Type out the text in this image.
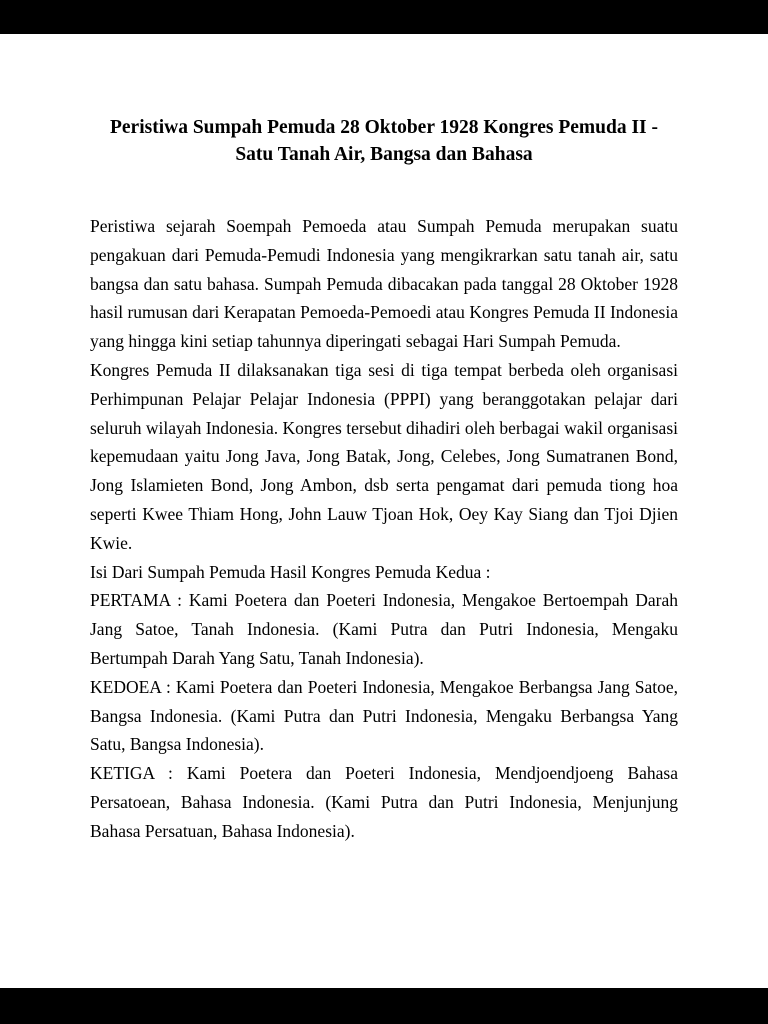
Peristiwa Sumpah Pemuda 28 Oktober 1928 Kongres Pemuda II - Satu Tanah Air, Bangsa dan Bahasa

Peristiwa sejarah Soempah Pemoeda atau Sumpah Pemuda merupakan suatu pengakuan dari Pemuda-Pemudi Indonesia yang mengikrarkan satu tanah air, satu bangsa dan satu bahasa. Sumpah Pemuda dibacakan pada tanggal 28 Oktober 1928 hasil rumusan dari Kerapatan Pemoeda-Pemoedi atau Kongres Pemuda II Indonesia yang hingga kini setiap tahunnya diperingati sebagai Hari Sumpah Pemuda.

Kongres Pemuda II dilaksanakan tiga sesi di tiga tempat berbeda oleh organisasi Perhimpunan Pelajar Pelajar Indonesia (PPPI) yang beranggotakan pelajar dari seluruh wilayah Indonesia. Kongres tersebut dihadiri oleh berbagai wakil organisasi kepemudaan yaitu Jong Java, Jong Batak, Jong, Celebes, Jong Sumatranen Bond, Jong Islamieten Bond, Jong Ambon, dsb serta pengamat dari pemuda tiong hoa seperti Kwee Thiam Hong, John Lauw Tjoan Hok, Oey Kay Siang dan Tjoi Djien Kwie.

Isi Dari Sumpah Pemuda Hasil Kongres Pemuda Kedua :

PERTAMA : Kami Poetera dan Poeteri Indonesia, Mengakoe Bertoempah Darah Jang Satoe, Tanah Indonesia. (Kami Putra dan Putri Indonesia, Mengaku Bertumpah Darah Yang Satu, Tanah Indonesia).

KEDOEA : Kami Poetera dan Poeteri Indonesia, Mengakoe Berbangsa Jang Satoe, Bangsa Indonesia. (Kami Putra dan Putri Indonesia, Mengaku Berbangsa Yang Satu, Bangsa Indonesia).

KETIGA : Kami Poetera dan Poeteri Indonesia, Mendjoendjoeng Bahasa Persatoean, Bahasa Indonesia. (Kami Putra dan Putri Indonesia, Menjunjung Bahasa Persatuan, Bahasa Indonesia).
